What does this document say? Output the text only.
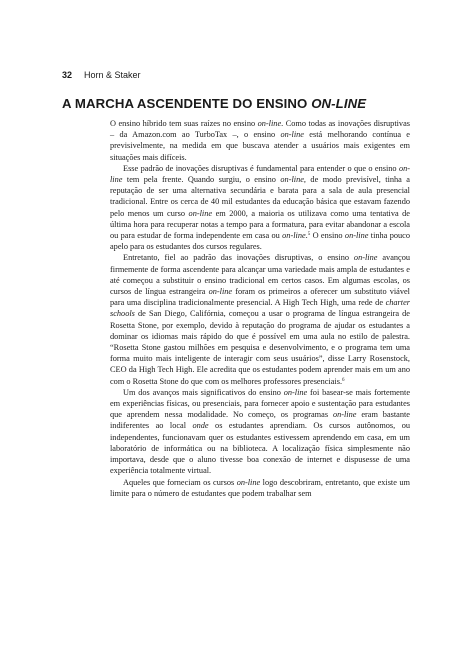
32 Horn & Staker
A MARCHA ASCENDENTE DO ENSINO ON-LINE

O ensino híbrido tem suas raízes no ensino on-line. Como todas as inovações disruptivas – da Amazon.com ao TurboTax –, o ensino on-line está melhorando contínua e previsivelmente, na medida em que buscava atender a usuários mais exigentes em situações mais difíceis.

Esse padrão de inovações disruptivas é fundamental para entender o que o ensino on-line tem pela frente. Quando surgiu, o ensino on-line, de modo previsível, tinha a reputação de ser uma alternativa secundária e barata para a sala de aula presencial tradicional. Entre os cerca de 40 mil estudantes da educação básica que estavam fazendo pelo menos um curso on-line em 2000, a maioria os utilizava como uma tentativa de última hora para recuperar notas a tempo para a formatura, para evitar abandonar a escola ou para estudar de forma independente em casa ou on-line.$^5$ O ensino on-line tinha pouco apelo para os estudantes dos cursos regulares.

Entretanto, fiel ao padrão das inovações disruptivas, o ensino on-line avançou firmemente de forma ascendente para alcançar uma variedade mais ampla de estudantes e até começou a substituir o ensino tradicional em certos casos. Em algumas escolas, os cursos de língua estrangeira on-line foram os primeiros a oferecer um substituto viável para uma disciplina tradicionalmente presencial. A High Tech High, uma rede de charter schools de San Diego, Califórnia, começou a usar o programa de língua estrangeira de Rosetta Stone, por exemplo, devido à reputação do programa de ajudar os estudantes a dominar os idiomas mais rápido do que é possível em uma aula no estilo de palestra. “Rosetta Stone gastou milhões em pesquisa e desenvolvimento, e o programa tem uma forma muito mais inteligente de interagir com seus usuários”, disse Larry Rosenstock, CEO da High Tech High. Ele acredita que os estudantes podem aprender mais em um ano com o Rosetta Stone do que com os melhores professores presenciais.$^6$

Um dos avanços mais significativos do ensino on-line foi basear-se mais fortemente em experiências físicas, ou presenciais, para fornecer apoio e sustentação para estudantes que aprendem nessa modalidade. No começo, os programas on-line eram bastante indiferentes ao local onde os estudantes aprendiam. Os cursos autônomos, ou independentes, funcionavam quer os estudantes estivessem aprendendo em casa, em um laboratório de informática ou na biblioteca. A localização física simplesmente não importava, desde que o aluno tivesse boa conexão de internet e dispusesse de uma experiência totalmente virtual.

Aqueles que forneciam os cursos on-line logo descobriram, entretanto, que existe um limite para o número de estudantes que podem trabalhar sem
